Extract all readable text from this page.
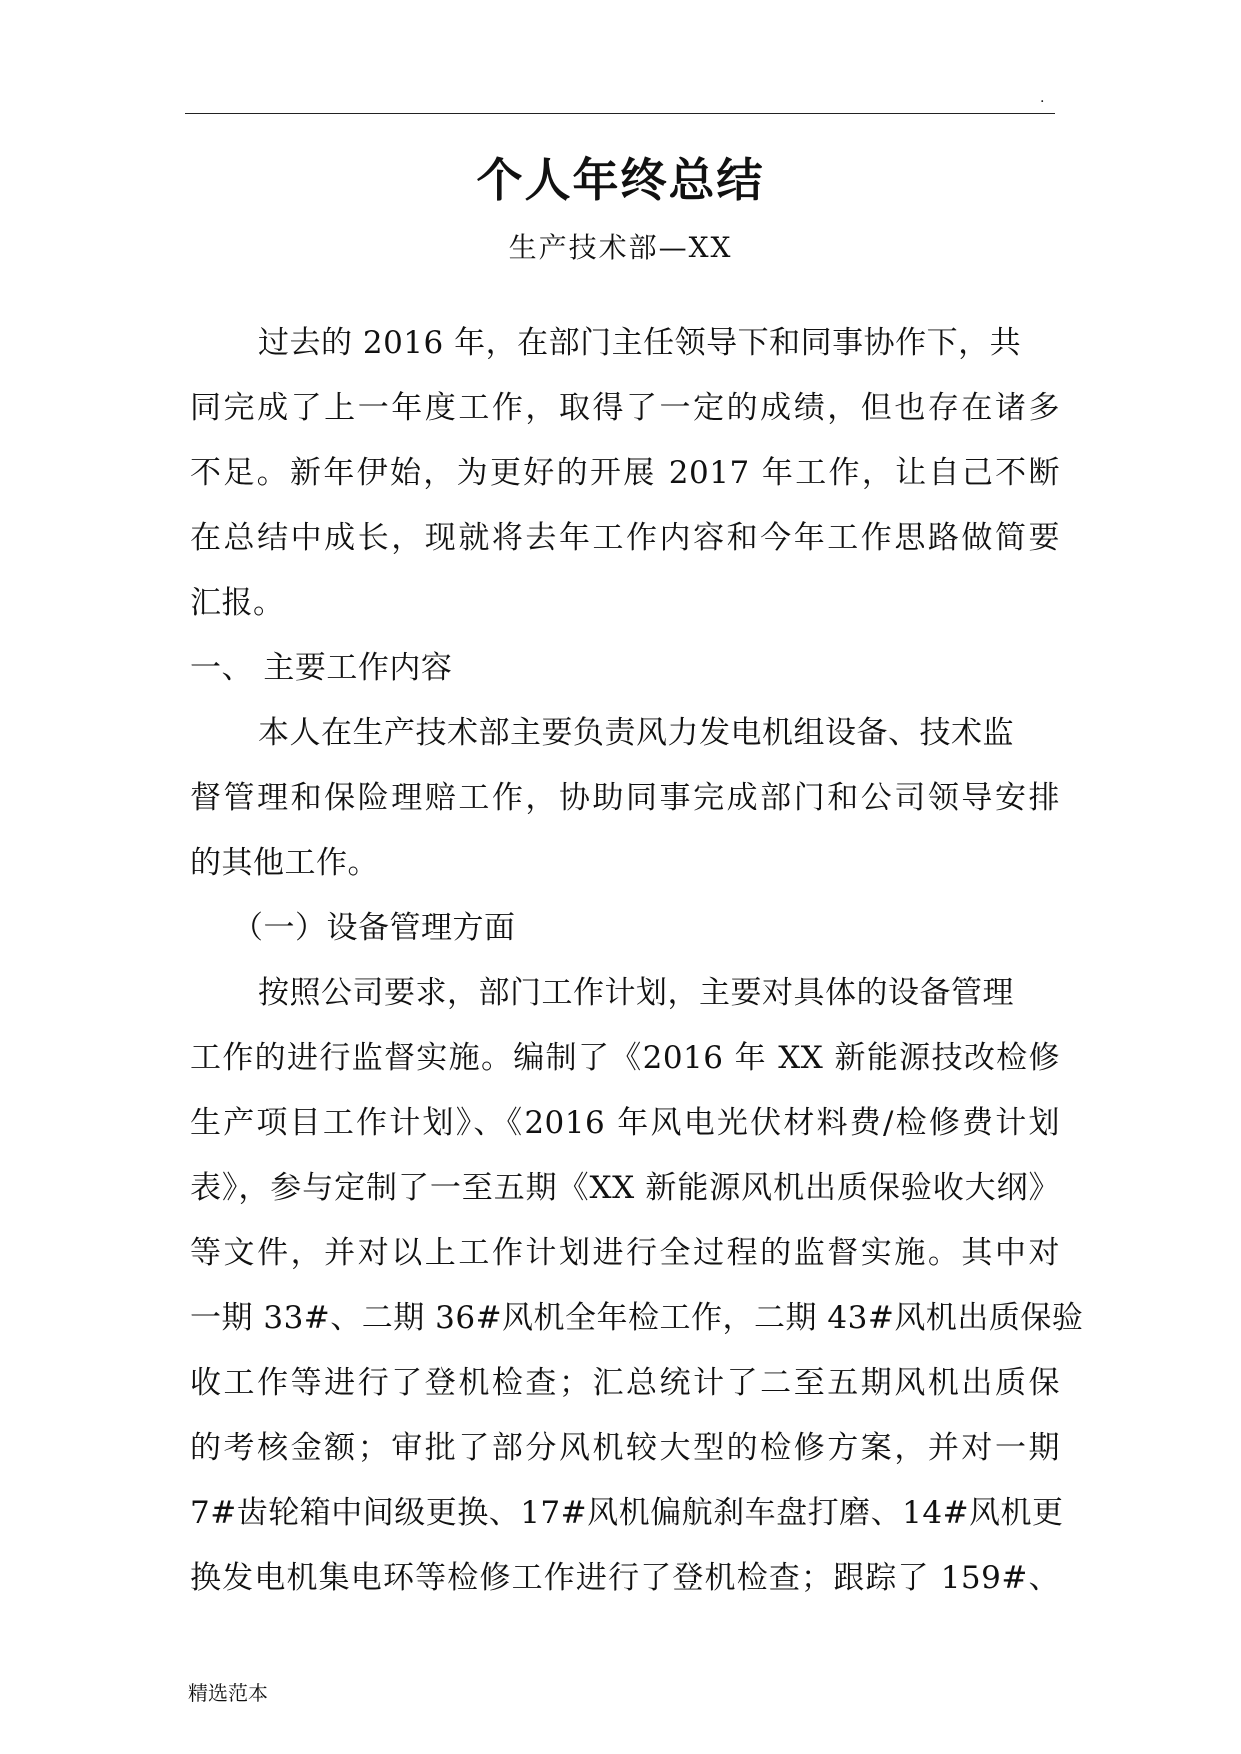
.
个人年终总结
生产技术部—XX
过去的 2016 年，在部门主任领导下和同事协作下，共
同完成了上一年度工作，取得了一定的成绩，但也存在诸多
不足。新年伊始，为更好的开展 2017 年工作，让自己不断
在总结中成长，现就将去年工作内容和今年工作思路做简要
汇报。
一、 主要工作内容
本人在生产技术部主要负责风力发电机组设备、技术监
督管理和保险理赔工作，协助同事完成部门和公司领导安排
的其他工作。
（一）设备管理方面
按照公司要求，部门工作计划，主要对具体的设备管理
工作的进行监督实施。编制了《2016 年 XX 新能源技改检修
生产项目工作计划》、《2016 年风电光伏材料费/检修费计划
表》，参与定制了一至五期《XX 新能源风机出质保验收大纲》
等文件，并对以上工作计划进行全过程的监督实施。其中对
一期 33#、二期 36#风机全年检工作，二期 43#风机出质保验
收工作等进行了登机检查；汇总统计了二至五期风机出质保
的考核金额；审批了部分风机较大型的检修方案，并对一期
7#齿轮箱中间级更换、17#风机偏航刹车盘打磨、14#风机更
换发电机集电环等检修工作进行了登机检查；跟踪了 159#、
精选范本
